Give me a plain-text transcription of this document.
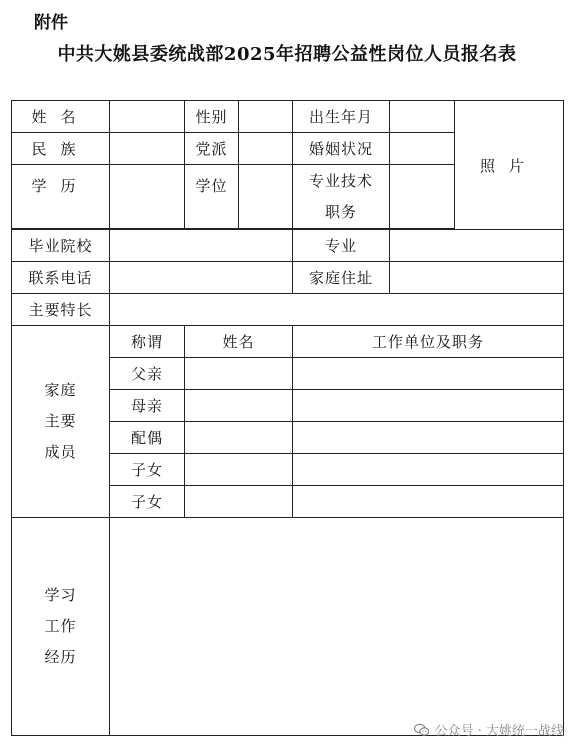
附件
中共大姚县委统战部2025年招聘公益性岗位人员报名表
姓名		性别		出生年月		照片
民族		党派		婚姻状况		
学历		学位		专业技术
职务		

毕业院校				专业		
联系电话				家庭住址		
主要特长						

家庭
主要
成员	称谓	姓名		工作单位及职务		
	父亲					
	母亲					
	配偶					
	子女					
	子女					

学习
工作
经历						

公众号 · 大姚统一战线
